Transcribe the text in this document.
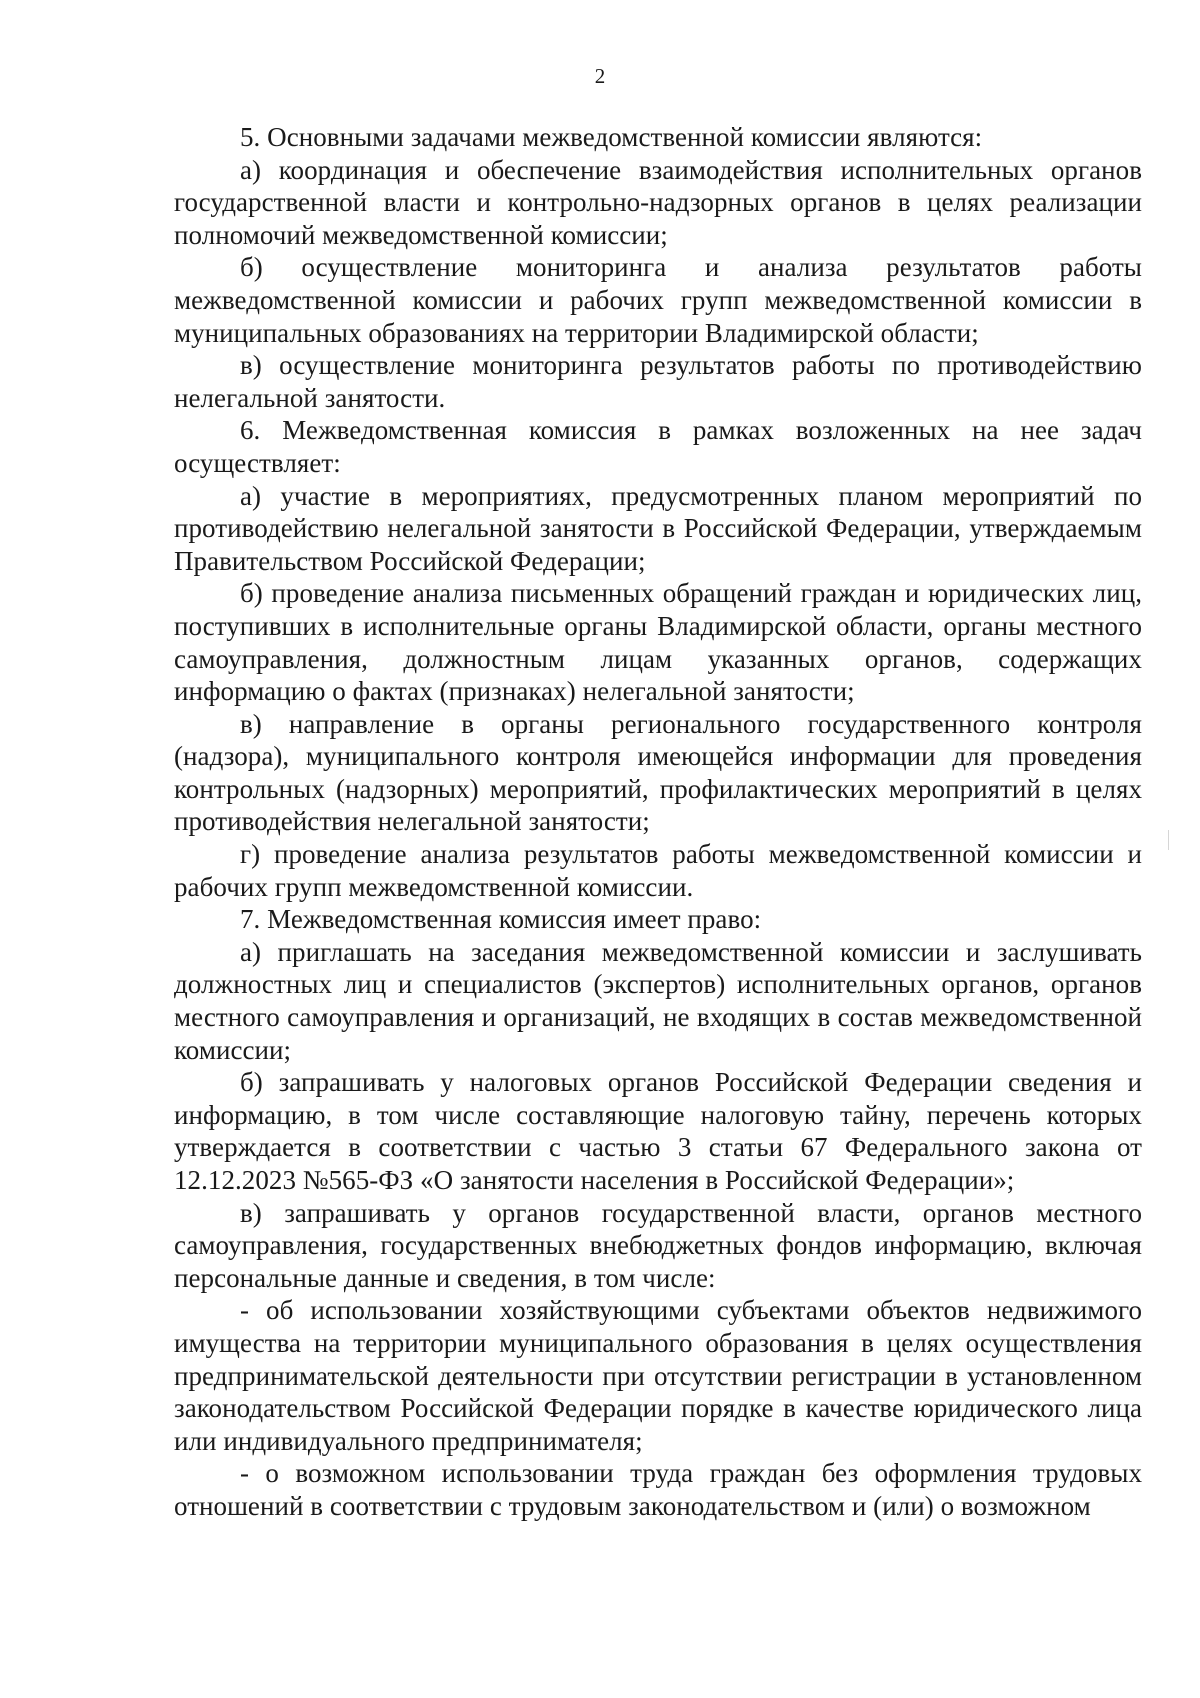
2

5. Основными задачами межведомственной комиссии являются:

а) координация и обеспечение взаимодействия исполнительных органов государственной власти и контрольно-надзорных органов в целях реализации полномочий межведомственной комиссии;

б) осуществление мониторинга и анализа результатов работы межведомственной комиссии и рабочих групп межведомственной комиссии в муниципальных образованиях на территории Владимирской области;

в) осуществление мониторинга результатов работы по противодействию нелегальной занятости.

6. Межведомственная комиссия в рамках возложенных на нее задач осуществляет:

а) участие в мероприятиях, предусмотренных планом мероприятий по противодействию нелегальной занятости в Российской Федерации, утверждаемым Правительством Российской Федерации;

б) проведение анализа письменных обращений граждан и юридических лиц, поступивших в исполнительные органы Владимирской области, органы местного самоуправления, должностным лицам указанных органов, содержащих информацию о фактах (признаках) нелегальной занятости;

в) направление в органы регионального государственного контроля (надзора), муниципального контроля имеющейся информации для проведения контрольных (надзорных) мероприятий, профилактических мероприятий в целях противодействия нелегальной занятости;

г) проведение анализа результатов работы межведомственной комиссии и рабочих групп межведомственной комиссии.

7. Межведомственная комиссия имеет право:

а) приглашать на заседания межведомственной комиссии и заслушивать должностных лиц и специалистов (экспертов) исполнительных органов, органов местного самоуправления и организаций, не входящих в состав межведомственной комиссии;

б) запрашивать у налоговых органов Российской Федерации сведения и информацию, в том числе составляющие налоговую тайну, перечень которых утверждается в соответствии с частью 3 статьи 67 Федерального закона от 12.12.2023 №565-ФЗ «О занятости населения в Российской Федерации»;

в) запрашивать у органов государственной власти, органов местного самоуправления, государственных внебюджетных фондов информацию, включая персональные данные и сведения, в том числе:

- об использовании хозяйствующими субъектами объектов недвижимого имущества на территории муниципального образования в целях осуществления предпринимательской деятельности при отсутствии регистрации в установленном законодательством Российской Федерации порядке в качестве юридического лица или индивидуального предпринимателя;

- о возможном использовании труда граждан без оформления трудовых отношений в соответствии с трудовым законодательством и (или) о возможном
